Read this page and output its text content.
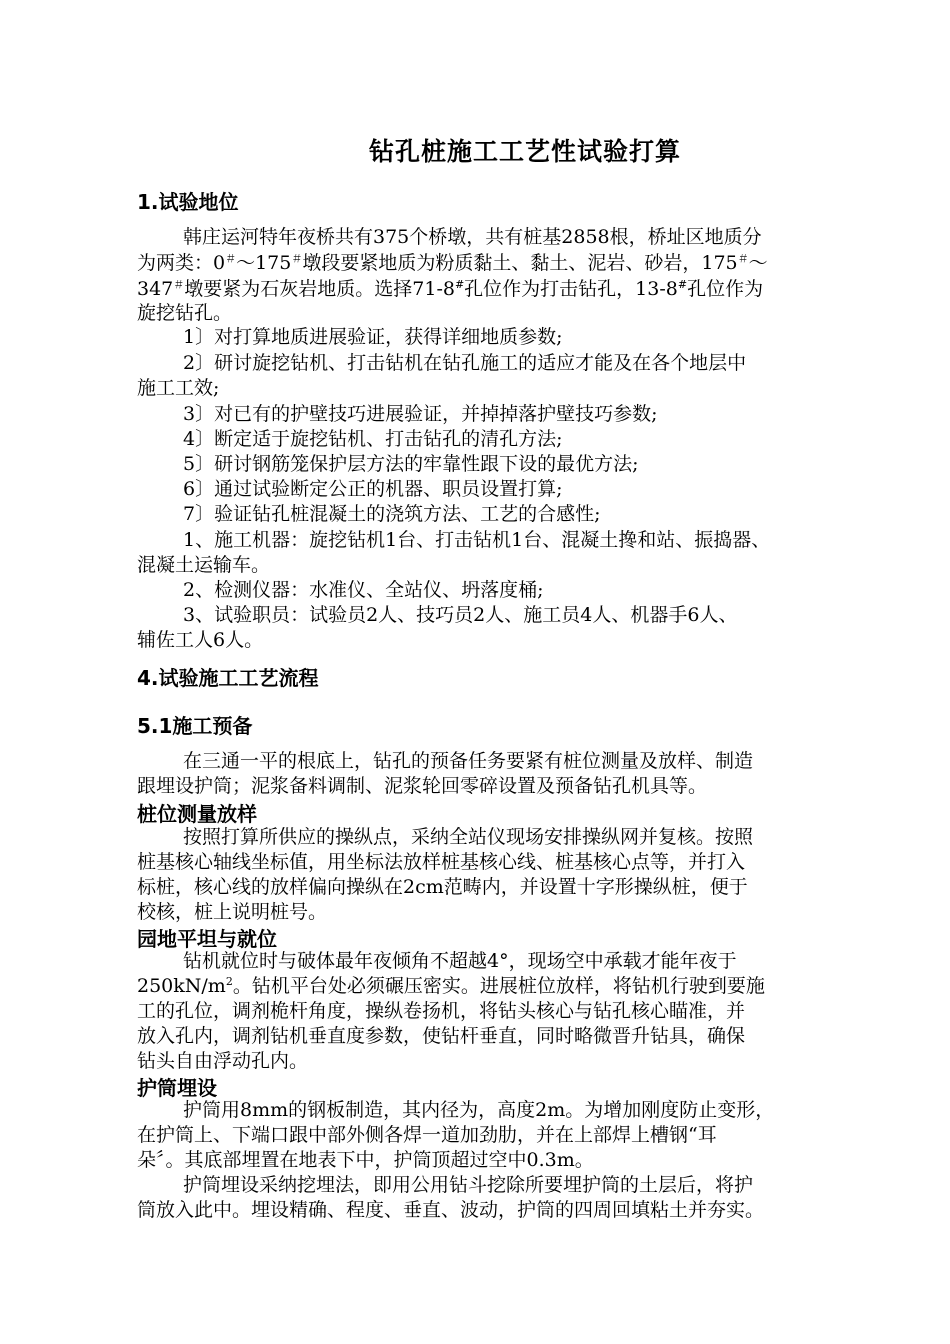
钻孔桩施工工艺性试验打算
1.试验地位
韩庄运河特年夜桥共有375个桥墩，共有桩基2858根，桥址区地质分
为两类：0＃～175＃墩段要紧地质为粉质黏土、黏土、泥岩、砂岩，175＃～
347＃墩要紧为石灰岩地质。选择71-8#孔位作为打击钻孔，13-8#孔位作为
旋挖钻孔。
1〕对打算地质进展验证，获得详细地质参数;
2〕研讨旋挖钻机、打击钻机在钻孔施工的适应才能及在各个地层中
施工工效;
3〕对已有的护壁技巧进展验证，并掉掉落护壁技巧参数;
4〕断定适于旋挖钻机、打击钻孔的清孔方法;
5〕研讨钢筋笼保护层方法的牢靠性跟下设的最优方法;
6〕通过试验断定公正的机器、职员设置打算;
7〕验证钻孔桩混凝土的浇筑方法、工艺的合感性;
1、施工机器：旋挖钻机1台、打击钻机1台、混凝土搀和站、振捣器、
混凝土运输车。
2、检测仪器：水准仪、全站仪、坍落度桶;
3、试验职员：试验员2人、技巧员2人、施工员4人、机器手6人、
辅佐工人6人。
4.试验施工工艺流程
5.1施工预备
在三通一平的根底上，钻孔的预备任务要紧有桩位测量及放样、制造
跟埋设护筒；泥浆备料调制、泥浆轮回零碎设置及预备钻孔机具等。
桩位测量放样
按照打算所供应的操纵点，采纳全站仪现场安排操纵网并复核。按照
桩基核心轴线坐标值，用坐标法放样桩基核心线、桩基核心点等，并打入
标桩，核心线的放样偏向操纵在2cm范畴内，并设置十字形操纵桩，便于
校核，桩上说明桩号。
园地平坦与就位
钻机就位时与破体最年夜倾角不超越4°，现场空中承载才能年夜于
$250kN/m^2$。钻机平台处必须碾压密实。进展桩位放样，将钻机行驶到要施
工的孔位，调剂桅杆角度，操纵卷扬机，将钻头核心与钻孔核心瞄准，并
放入孔内，调剂钻机垂直度参数，使钻杆垂直，同时略微晋升钻具，确保
钻头自由浮动孔内。
护筒埋设
护筒用8mm的钢板制造，其内径为，高度2m。为增加刚度防止变形，
在护筒上、下端口跟中部外侧各焊一道加劲肋，并在上部焊上槽钢“耳
朵〞。其底部埋置在地表下中，护筒顶超过空中0.3m。
护筒埋设采纳挖埋法，即用公用钻斗挖除所要埋护筒的土层后，将护
筒放入此中。埋设精确、程度、垂直、波动，护筒的四周回填粘土并夯实。
